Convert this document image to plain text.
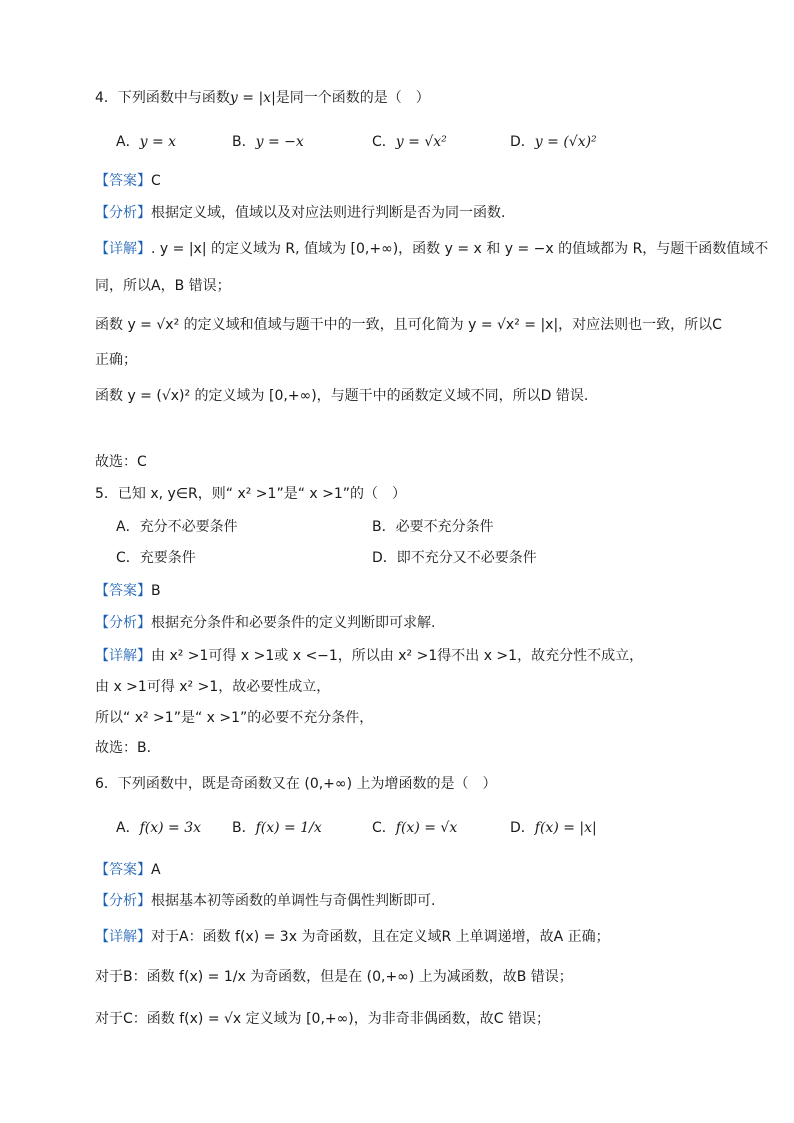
4．下列函数中与函数y = |x|是同一个函数的是（　）
A．y = x	B．y = −x	C．y = √x²	D．y = (√x)²
【答案】C
【分析】根据定义域，值域以及对应法则进行判断是否为同一函数.
【详解】. y = |x| 的定义域为 R, 值域为 [0,+∞)，函数 y = x 和 y = −x 的值域都为 R，与题干函数值域不
同，所以A，B 错误；
函数 y = √x² 的定义域和值域与题干中的一致，且可化简为 y = √x² = |x|，对应法则也一致，所以C
正确；
函数 y = (√x)² 的定义域为 [0,+∞)，与题干中的函数定义域不同，所以D 错误.
故选：C
5．已知 x, y∈R，则“ x² >1”是“ x >1”的（　）
A．充分不必要条件	B．必要不充分条件
C．充要条件	D．即不充分又不必要条件
【答案】B
【分析】根据充分条件和必要条件的定义判断即可求解.
【详解】由 x² >1可得 x >1或 x <−1，所以由 x² >1得不出 x >1，故充分性不成立，
由 x >1可得 x² >1，故必要性成立，
所以“ x² >1”是“ x >1”的必要不充分条件，
故选：B.
6．下列函数中，既是奇函数又在 (0,+∞) 上为增函数的是（　）
A．f(x) = 3x B．f(x) = 1/x	C．f(x) = √x	D．f(x) = |x|
【答案】A
【分析】根据基本初等函数的单调性与奇偶性判断即可.
【详解】对于A：函数 f(x) = 3x 为奇函数，且在定义域R 上单调递增，故A 正确；
对于B：函数 f(x) = 1/x 为奇函数，但是在 (0,+∞) 上为减函数，故B 错误；
对于C：函数 f(x) = √x 定义域为 [0,+∞)，为非奇非偶函数，故C 错误；
